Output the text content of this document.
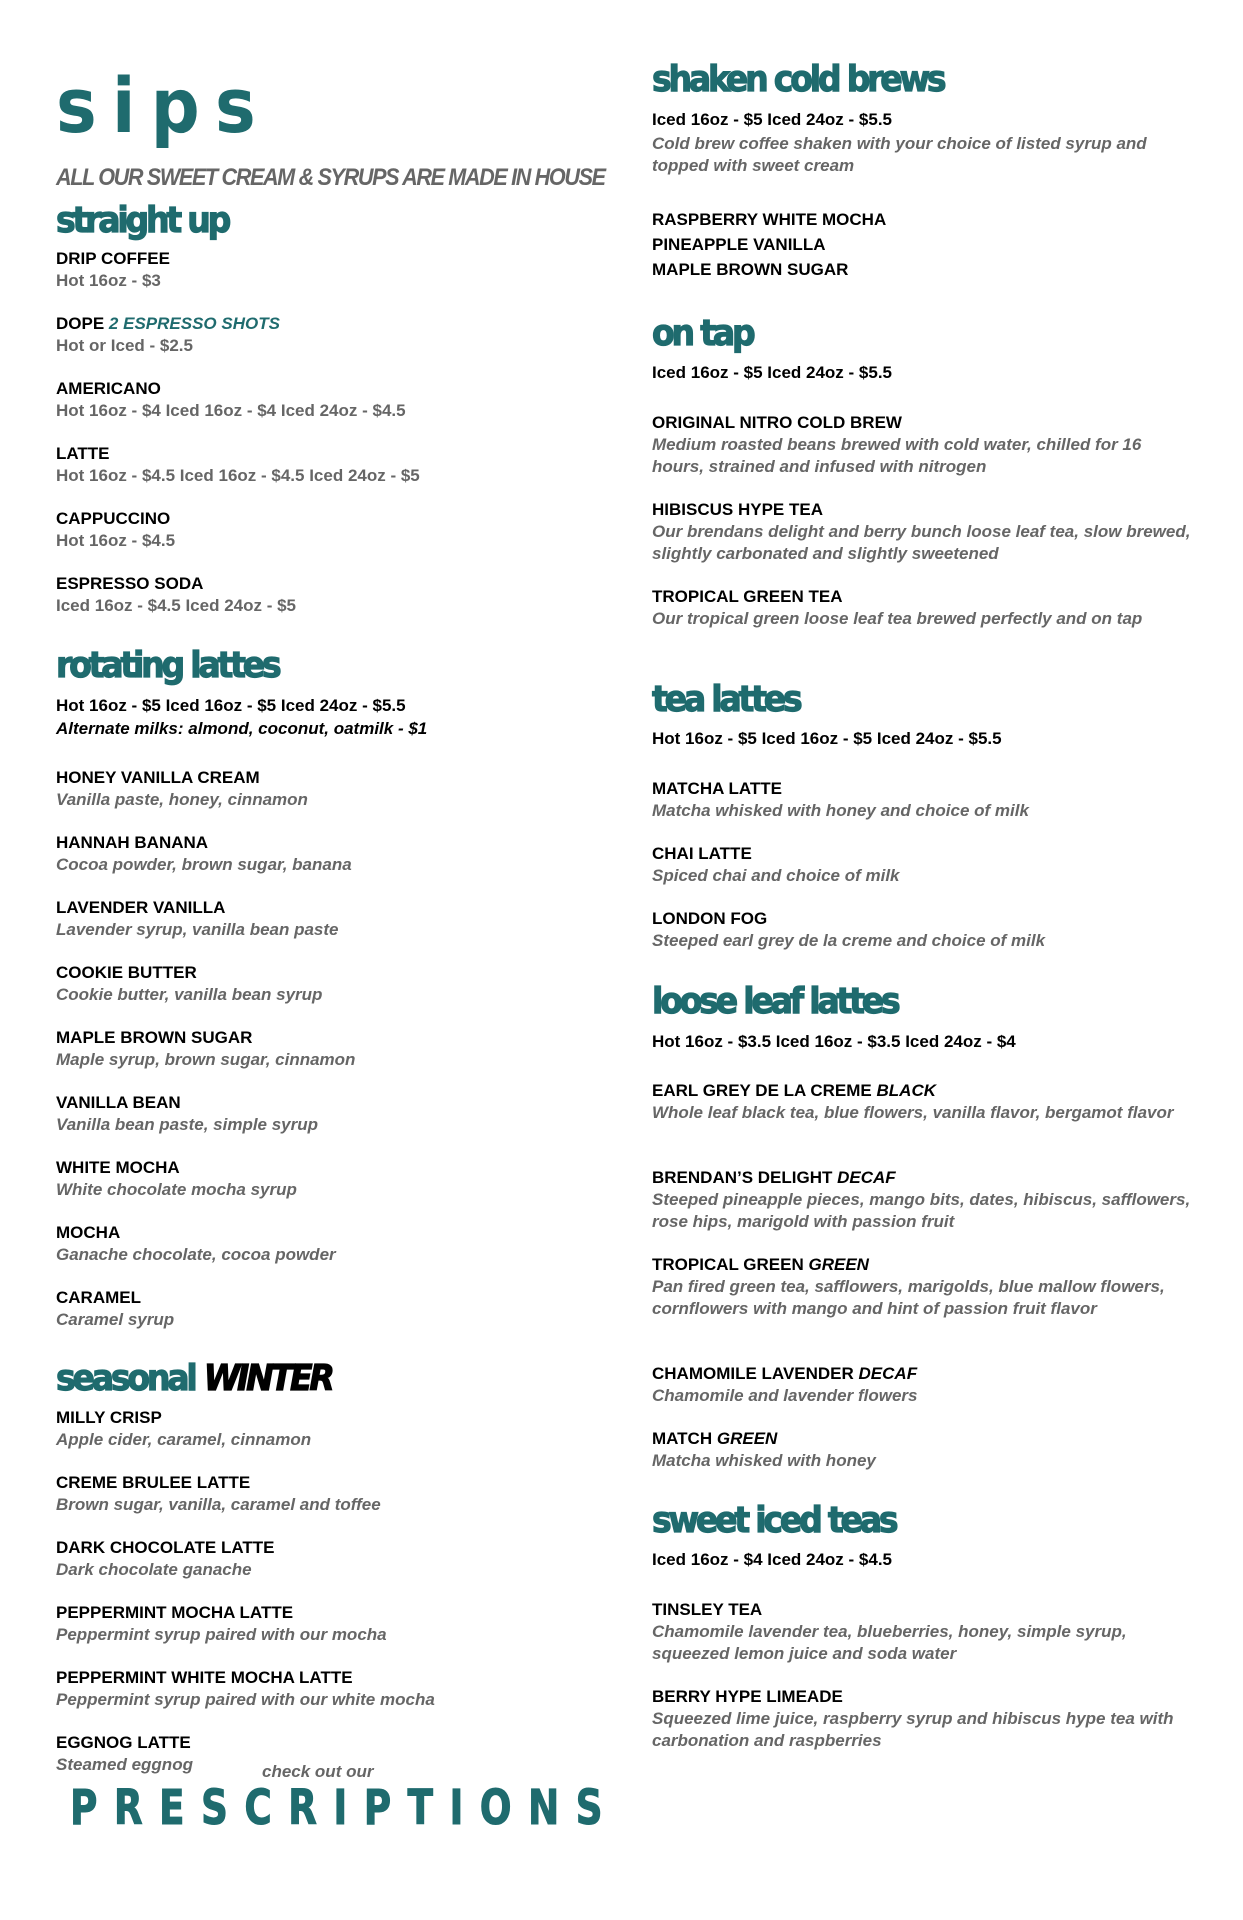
sips
ALL OUR SWEET CREAM & SYRUPS ARE MADE IN HOUSE
straight up
DRIP COFFEE
Hot 16oz - $3
DOPE 2 ESPRESSO SHOTS
Hot or Iced - $2.5
AMERICANO
Hot 16oz - $4 Iced 16oz - $4 Iced 24oz - $4.5
LATTE
Hot 16oz - $4.5 Iced 16oz - $4.5 Iced 24oz - $5
CAPPUCCINO
Hot 16oz - $4.5
ESPRESSO SODA
Iced 16oz - $4.5 Iced 24oz - $5
rotating lattes
Hot 16oz - $5 Iced 16oz - $5 Iced 24oz - $5.5
Alternate milks: almond, coconut, oatmilk - $1
HONEY VANILLA CREAM
Vanilla paste, honey, cinnamon
HANNAH BANANA
Cocoa powder, brown sugar, banana
LAVENDER VANILLA
Lavender syrup, vanilla bean paste
COOKIE BUTTER
Cookie butter, vanilla bean syrup
MAPLE BROWN SUGAR
Maple syrup, brown sugar, cinnamon
VANILLA BEAN
Vanilla bean paste, simple syrup
WHITE MOCHA
White chocolate mocha syrup
MOCHA
Ganache chocolate, cocoa powder
CARAMEL
Caramel syrup
seasonal WINTER
MILLY CRISP
Apple cider, caramel, cinnamon
CREME BRULEE LATTE
Brown sugar, vanilla, caramel and toffee
DARK CHOCOLATE LATTE
Dark chocolate ganache
PEPPERMINT MOCHA LATTE
Peppermint syrup paired with our mocha
PEPPERMINT WHITE MOCHA LATTE
Peppermint syrup paired with our white mocha
EGGNOG LATTE
Steamed eggnog	check out our
PRESCRIPTIONS
shaken cold brews
Iced 16oz - $5 Iced 24oz - $5.5
Cold brew coffee shaken with your choice of listed syrup and topped with sweet cream
RASPBERRY WHITE MOCHA
PINEAPPLE VANILLA
MAPLE BROWN SUGAR
on tap
Iced 16oz - $5 Iced 24oz - $5.5
ORIGINAL NITRO COLD BREW
Medium roasted beans brewed with cold water, chilled for 16 hours, strained and infused with nitrogen
HIBISCUS HYPE TEA
Our brendans delight and berry bunch loose leaf tea, slow brewed, slightly carbonated and slightly sweetened
TROPICAL GREEN TEA
Our tropical green loose leaf tea brewed perfectly and on tap
tea lattes
Hot 16oz - $5 Iced 16oz - $5 Iced 24oz - $5.5
MATCHA LATTE
Matcha whisked with honey and choice of milk
CHAI LATTE
Spiced chai and choice of milk
LONDON FOG
Steeped earl grey de la creme and choice of milk
loose leaf lattes
Hot 16oz - $3.5 Iced 16oz - $3.5 Iced 24oz - $4
EARL GREY DE LA CREME BLACK
Whole leaf black tea, blue flowers, vanilla flavor, bergamot flavor
BRENDAN’S DELIGHT DECAF
Steeped pineapple pieces, mango bits, dates, hibiscus, safflowers, rose hips, marigold with passion fruit
TROPICAL GREEN GREEN
Pan fired green tea, safflowers, marigolds, blue mallow flowers, cornflowers with mango and hint of passion fruit flavor
CHAMOMILE LAVENDER DECAF
Chamomile and lavender flowers
MATCH GREEN
Matcha whisked with honey
sweet iced teas
Iced 16oz - $4 Iced 24oz - $4.5
TINSLEY TEA
Chamomile lavender tea, blueberries, honey, simple syrup, squeezed lemon juice and soda water
BERRY HYPE LIMEADE
Squeezed lime juice, raspberry syrup and hibiscus hype tea with carbonation and raspberries
